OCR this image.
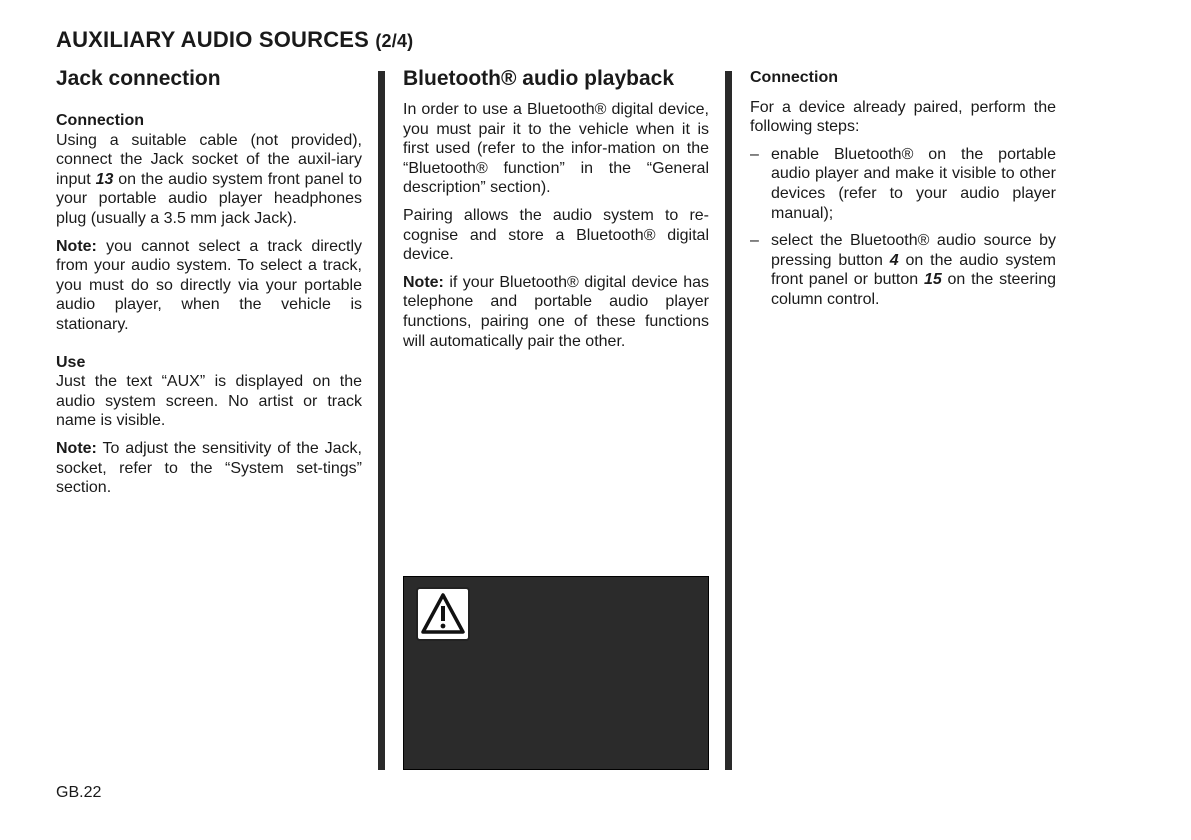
AUXILIARY AUDIO SOURCES (2/4)
Jack connection
Connection

Using a suitable cable (not provided), connect the Jack socket of the auxil-iary input 13 on the audio system front panel to your portable audio player headphones plug (usually a 3.5 mm jack Jack).

Note: you cannot select a track directly from your audio system. To select a track, you must do so directly via your portable audio player, when the vehicle is stationary.

Use

Just the text “AUX” is displayed on the audio system screen. No artist or track name is visible.

Note: To adjust the sensitivity of the Jack, socket, refer to the “System set-tings” section.

Bluetooth® audio playback

In order to use a Bluetooth® digital device, you must pair it to the vehicle when it is first used (refer to the infor-mation on the “Bluetooth® function” in the “General description” section).

Pairing allows the audio system to re-cognise and store a Bluetooth® digital device.

Note: if your Bluetooth® digital device has telephone and portable audio player functions, pairing one of these functions will automatically pair the other.

Connection

For a device already paired, perform the following steps:

– enable Bluetooth® on the portable audio player and make it visible to other devices (refer to your audio player manual);
– select the Bluetooth® audio source by pressing button 4 on the audio system front panel or button 15 on the steering column control.
GB.22
